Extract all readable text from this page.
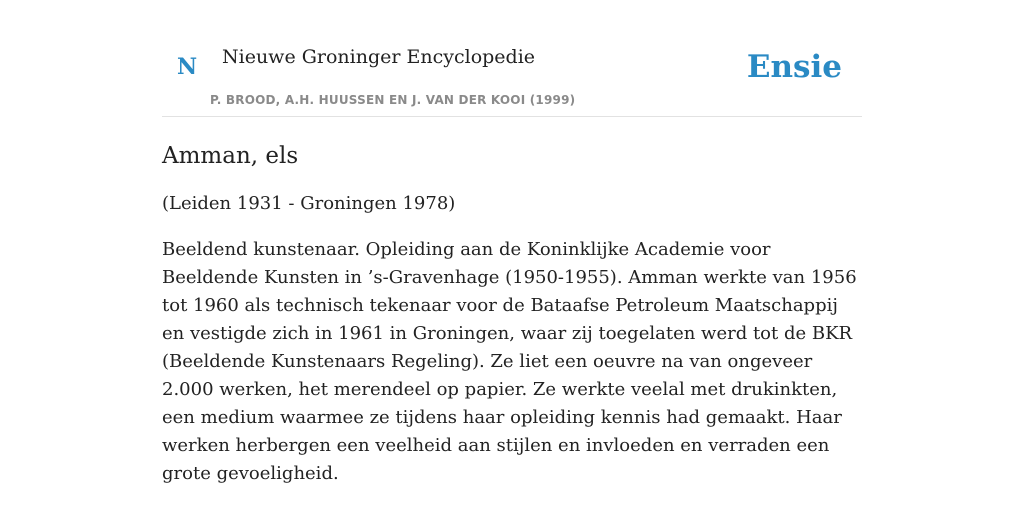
N Nieuwe Groninger Encyclopedie
P. BROOD, A.H. HUUSSEN EN J. VAN DER KOOI (1999)
Ensie
Amman, els

(Leiden 1931 - Groningen 1978)

Beeldend kunstenaar. Opleiding aan de Koninklijke Academie voor Beeldende Kunsten in ’s-Gravenhage (1950-1955). Amman werkte van 1956 tot 1960 als technisch tekenaar voor de Bataafse Petroleum Maatschappij en vestigde zich in 1961 in Groningen, waar zij toegelaten werd tot de BKR (Beeldende Kunstenaars Regeling). Ze liet een oeuvre na van ongeveer 2.000 werken, het merendeel op papier. Ze werkte veelal met drukinkten, een medium waarmee ze tijdens haar opleiding kennis had gemaakt. Haar werken herbergen een veelheid aan stijlen en invloeden en verraden een grote gevoeligheid.
